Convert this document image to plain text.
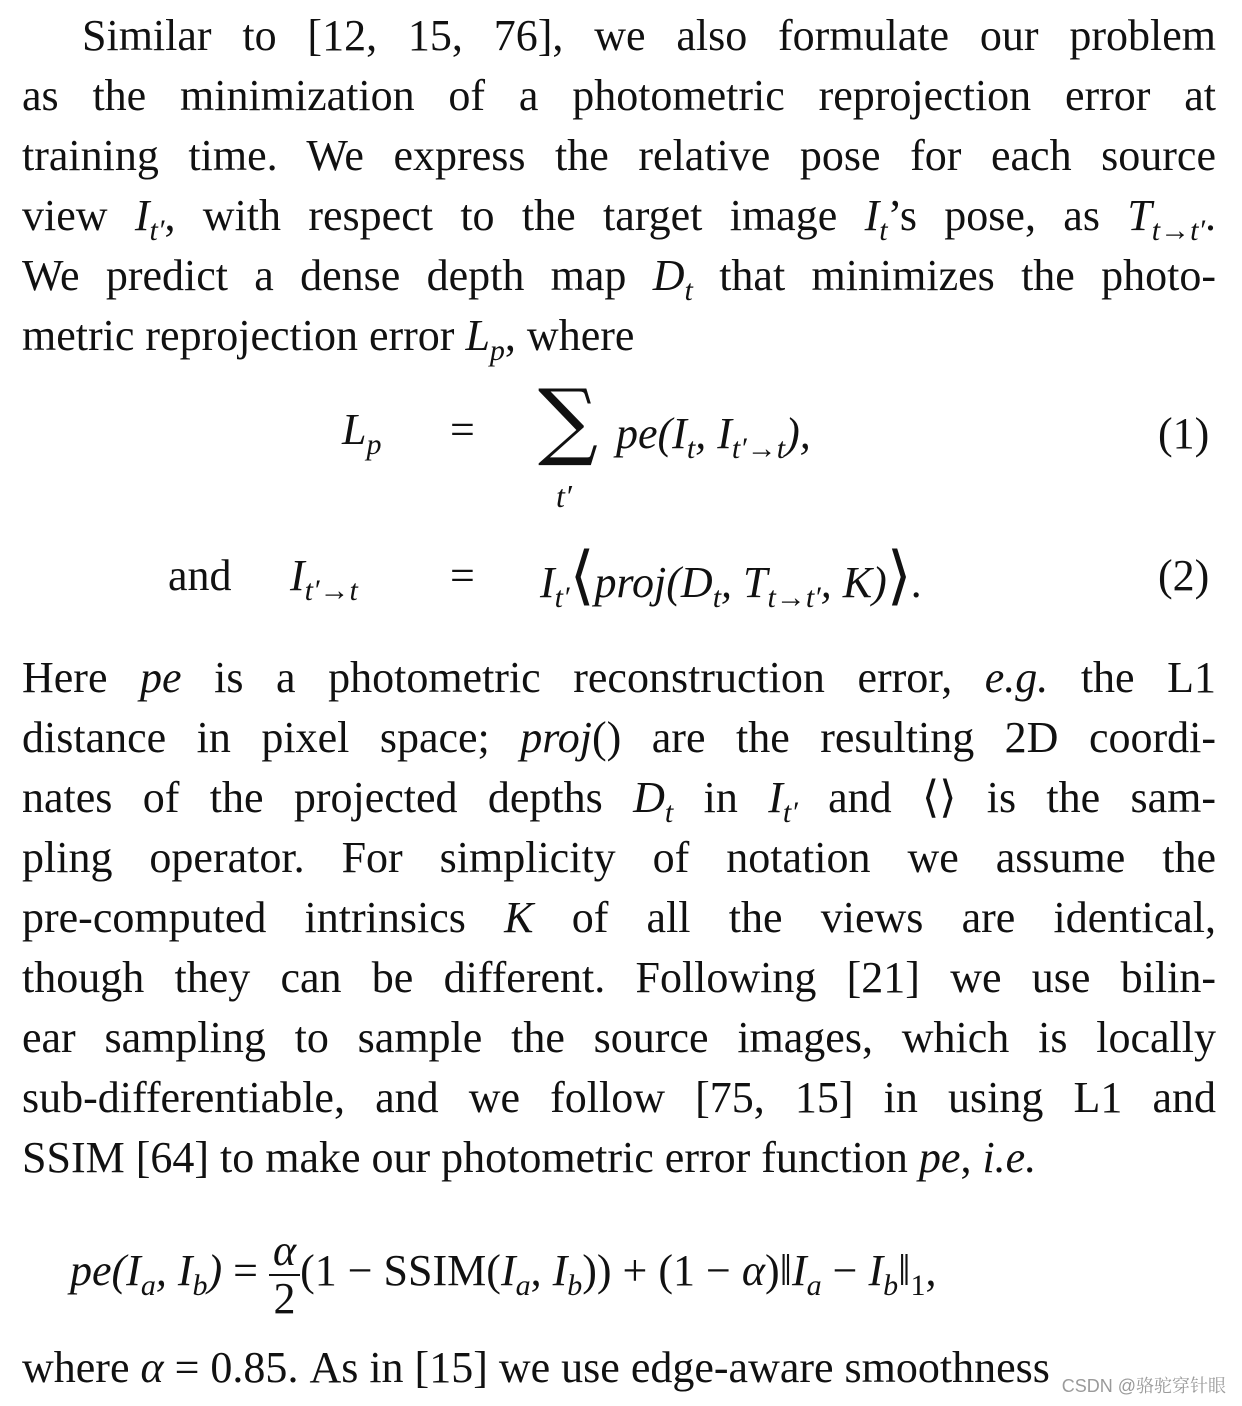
Similar to [12, 15, 76], we also formulate our problem
as the minimization of a photometric reprojection error at
training time. We express the relative pose for each source
view $I_{t'}$, with respect to the target image $I_t’s$ pose, as $T_{t\to t'}$.
We predict a dense depth map $D_t$ that minimizes the photo-
metric reprojection error $L_p$, where
$L_p$ = ∑
t′
$pe(I_t$, $I_{t'\to t}$),	(1)
and $I_{t'\to t}$ = $I_{t'}⟨proj(D_t$, $T_{t\to t'}$, K)⟩.	(2)
Here pe is a photometric reconstruction error, e.g. the L1
distance in pixel space; proj() are the resulting 2D coordi-
nates of the projected depths $D_t$ in $I_{t'}$ and ⟨⟩ is the sam-
pling operator. For simplicity of notation we assume the
pre-computed intrinsics K of all the views are identical,
though they can be different. Following [21] we use bilin-
ear sampling to sample the source images, which is locally
sub-differentiable, and we follow [75, 15] in using L1 and
SSIM [64] to make our photometric error function pe, i.e.
$pe(I_a$, $I_b) = \frac{\alpha}{2} (1$ − $SSIM(I_a$, $I_b)) + (1$ − $\alpha)‖I_a$ − $I_b‖_1$,
where α = 0.85. As in [15] we use edge-aware smoothness CSDN @骆驼穿针眼
